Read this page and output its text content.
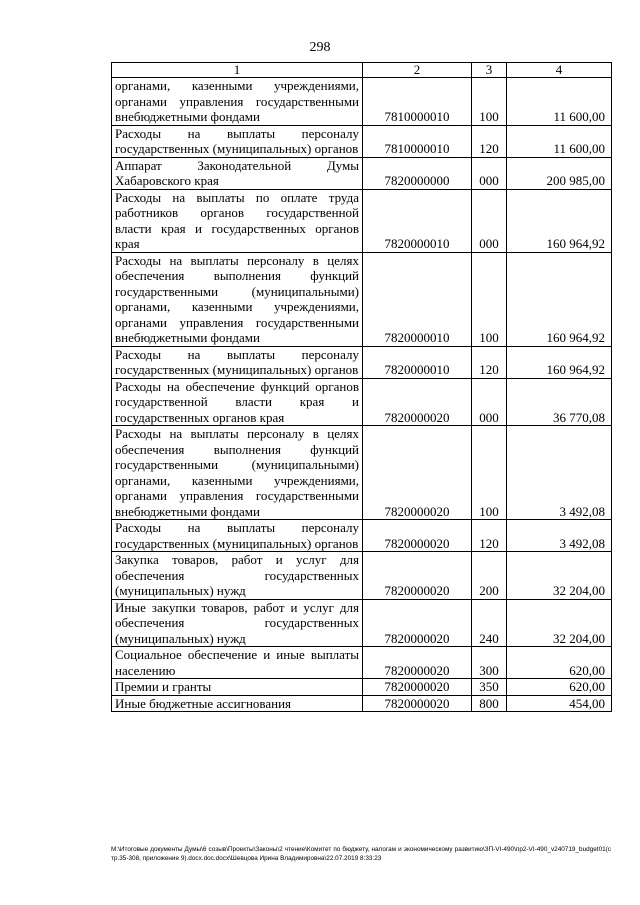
298
1	2	3	4
органами, казенными учреждениями, органами управления государственными внебюджетными фондами	7810000010	100	11 600,00
Расходы на выплаты персоналу государственных (муниципальных) органов	7810000010	120	11 600,00
Аппарат Законодательной Думы Хабаровского края	7820000000	000	200 985,00
Расходы на выплаты по оплате труда работников органов государственной власти края и государственных органов края	7820000010	000	160 964,92
Расходы на выплаты персоналу в целях обеспечения выполнения функций государственными (муниципальными) органами, казенными учреждениями, органами управления государственными внебюджетными фондами	7820000010	100	160 964,92
Расходы на выплаты персоналу государственных (муниципальных) органов	7820000010	120	160 964,92
Расходы на обеспечение функций органов государственной власти края и государственных органов края	7820000020	000	36 770,08
Расходы на выплаты персоналу в целях обеспечения выполнения функций государственными (муниципальными) органами, казенными учреждениями, органами управления государственными внебюджетными фондами	7820000020	100	3 492,08
Расходы на выплаты персоналу государственных (муниципальных) органов	7820000020	120	3 492,08
Закупка товаров, работ и услуг для обеспечения государственных (муниципальных) нужд	7820000020	200	32 204,00
Иные закупки товаров, работ и услуг для обеспечения государственных (муниципальных) нужд	7820000020	240	32 204,00
Социальное обеспечение и иные выплаты населению	7820000020	300	620,00
Премии и гранты	7820000020	350	620,00
Иные бюджетные ассигнования	7820000020	800	454,00
M:\Итоговые документы Думы\6 созыв\Проекты\Законы\2 чтение\Комитет по бюджету, налогам и экономическому развитию\ЗП-VI-490\пр2-VI-490_v240719_budget01(стр.35-308, приложение 9).docx.doc.docx\Шевцова Ирина Владимировна\22.07.2019 8:33:23
